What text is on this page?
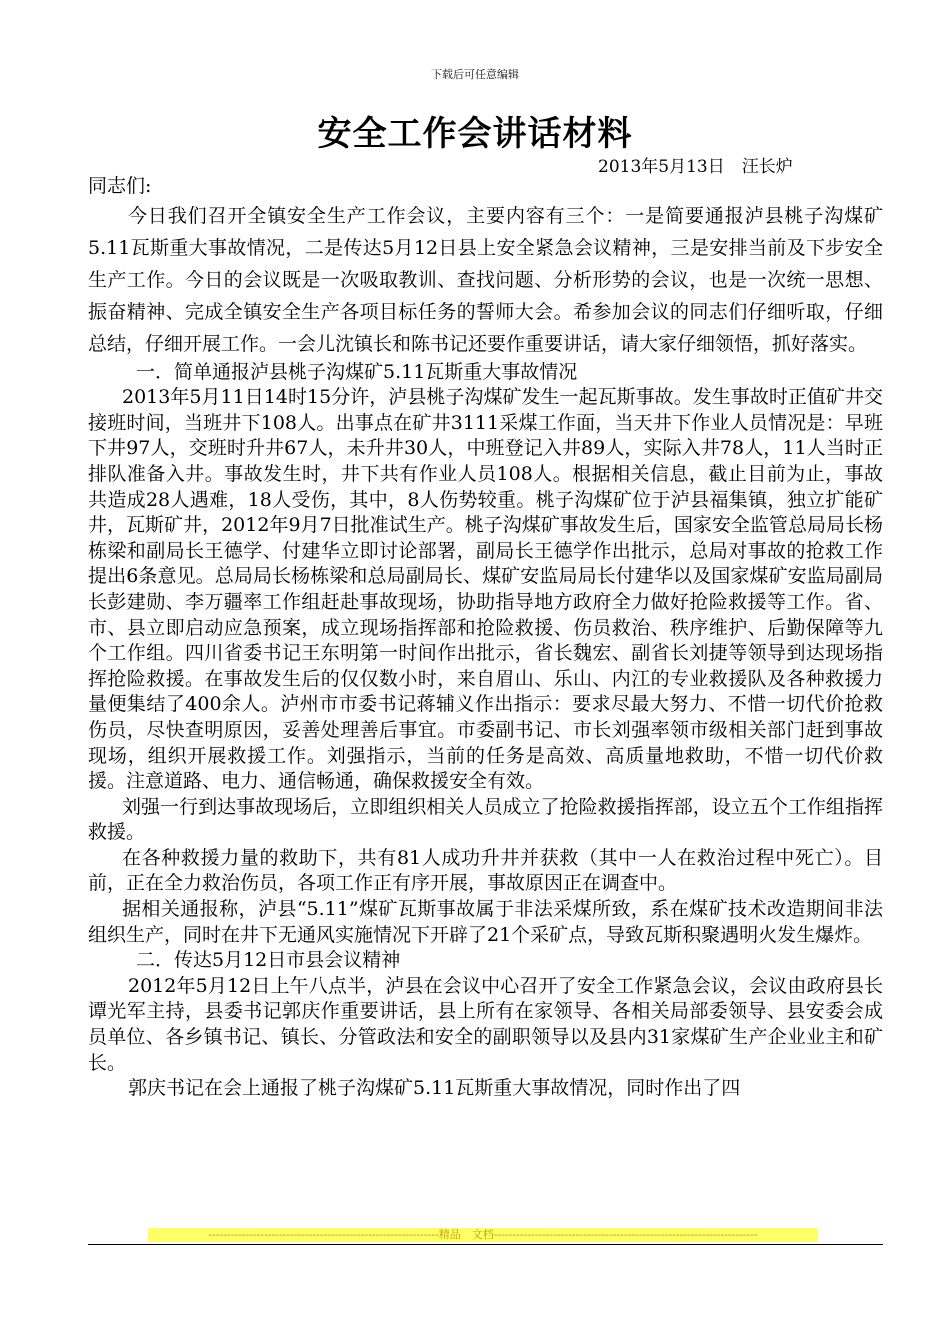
下载后可任意编辑
安全工作会讲话材料
2013年5月13日　汪长炉

同志们:

今日我们召开全镇安全生产工作会议，主要内容有三个：一是简要通报泸县桃子沟煤矿5.11瓦斯重大事故情况，二是传达5月12日县上安全紧急会议精神，三是安排当前及下步安全生产工作。今日的会议既是一次吸取教训、查找问题、分析形势的会议，也是一次统一思想、振奋精神、完成全镇安全生产各项目标任务的誓师大会。希参加会议的同志们仔细听取，仔细总结，仔细开展工作。一会儿沈镇长和陈书记还要作重要讲话，请大家仔细领悟，抓好落实。

一．简单通报泸县桃子沟煤矿5.11瓦斯重大事故情况

2013年5月11日14时15分许，泸县桃子沟煤矿发生一起瓦斯事故。发生事故时正值矿井交接班时间，当班井下108人。出事点在矿井3111采煤工作面，当天井下作业人员情况是：早班下井97人，交班时升井67人，未升井30人，中班登记入井89人，实际入井78人，11人当时正排队准备入井。事故发生时，井下共有作业人员108人。根据相关信息，截止目前为止，事故共造成28人遇难，18人受伤，其中，8人伤势较重。桃子沟煤矿位于泸县福集镇，独立扩能矿井，瓦斯矿井，2012年9月7日批准试生产。桃子沟煤矿事故发生后，国家安全监管总局局长杨栋梁和副局长王德学、付建华立即讨论部署，副局长王德学作出批示，总局对事故的抢救工作提出6条意见。总局局长杨栋梁和总局副局长、煤矿安监局局长付建华以及国家煤矿安监局副局长彭建勋、李万疆率工作组赶赴事故现场，协助指导地方政府全力做好抢险救援等工作。省、市、县立即启动应急预案，成立现场指挥部和抢险救援、伤员救治、秩序维护、后勤保障等九个工作组。四川省委书记王东明第一时间作出批示，省长魏宏、副省长刘捷等领导到达现场指挥抢险救援。在事故发生后的仅仅数小时，来自眉山、乐山、内江的专业救援队及各种救援力量便集结了400余人。泸州市市委书记蒋辅义作出指示：要求尽最大努力、不惜一切代价抢救伤员，尽快查明原因，妥善处理善后事宜。市委副书记、市长刘强率领市级相关部门赶到事故现场，组织开展救援工作。刘强指示，当前的任务是高效、高质量地救助，不惜一切代价救援。注意道路、电力、通信畅通，确保救援安全有效。

刘强一行到达事故现场后，立即组织相关人员成立了抢险救援指挥部，设立五个工作组指挥救援。

在各种救援力量的救助下，共有81人成功升井并获救（其中一人在救治过程中死亡）。目前，正在全力救治伤员，各项工作正有序开展，事故原因正在调查中。

据相关通报称，泸县“5.11”煤矿瓦斯事故属于非法采煤所致，系在煤矿技术改造期间非法组织生产，同时在井下无通风实施情况下开辟了21个采矿点，导致瓦斯积聚遇明火发生爆炸。

二．传达5月12日市县会议精神

2012年5月12日上午八点半，泸县在会议中心召开了安全工作紧急会议，会议由政府县长谭光军主持，县委书记郭庆作重要讲话，县上所有在家领导、各相关局部委领导、县安委会成员单位、各乡镇书记、镇长、分管政法和安全的副职领导以及县内31家煤矿生产企业业主和矿长。

郭庆书记在会上通报了桃子沟煤矿5.11瓦斯重大事故情况，同时作出了四

--------------------------------------------------------------精品　文档-----------------------------------------------------------------------
